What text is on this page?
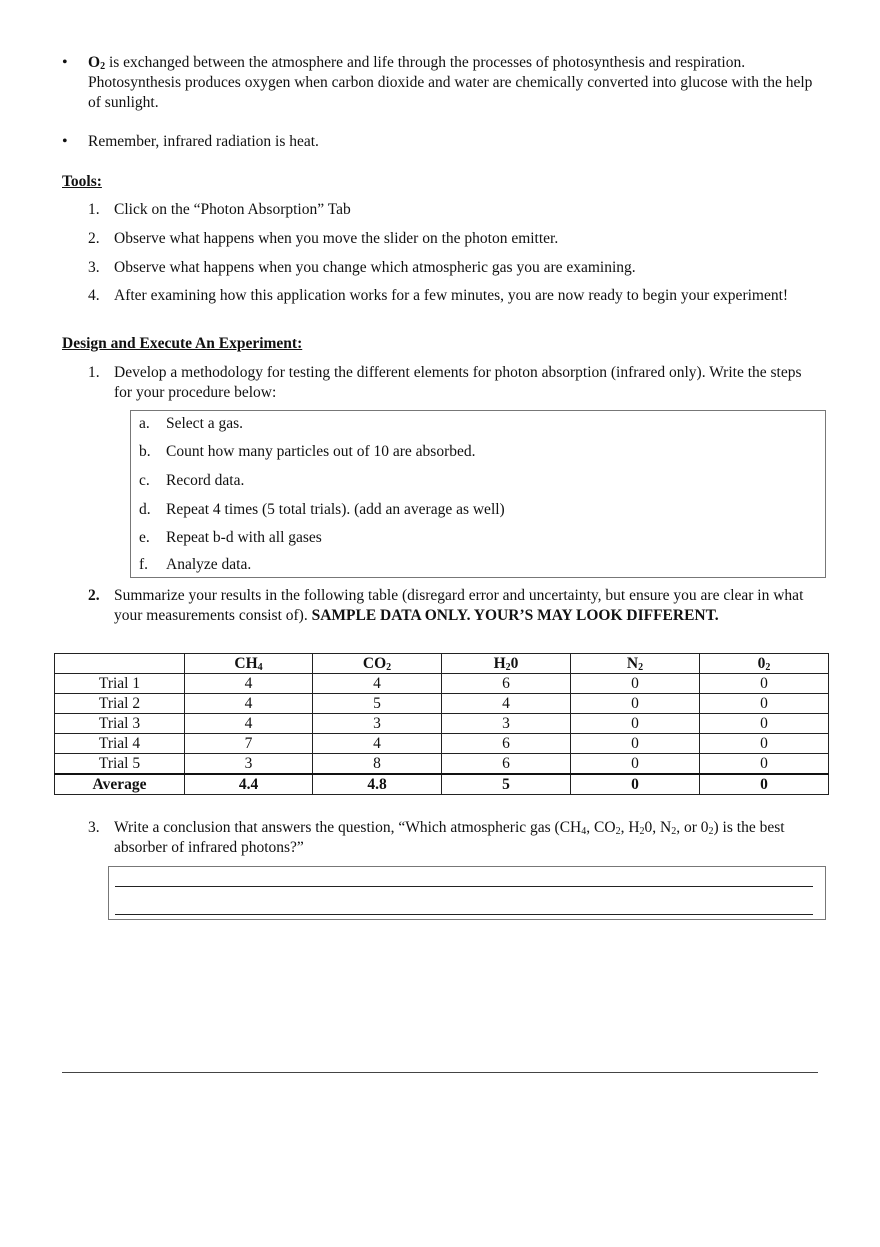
• $O_2$ is exchanged between the atmosphere and life through the processes of photosynthesis and respiration. Photosynthesis produces oxygen when carbon dioxide and water are chemically converted into glucose with the help of sunlight.
• Remember, infrared radiation is heat.
Tools:
1. Click on the “Photon Absorption” Tab
2. Observe what happens when you move the slider on the photon emitter.
3. Observe what happens when you change which atmospheric gas you are examining.
4. After examining how this application works for a few minutes, you are now ready to begin your experiment!
Design and Execute An Experiment:
1. Develop a methodology for testing the different elements for photon absorption (infrared only). Write the steps for your procedure below:
a. Select a gas.
b. Count how many particles out of 10 are absorbed.
c. Record data.
d. Repeat 4 times (5 total trials). (add an average as well)
e. Repeat b-d with all gases
f. Analyze data.
2. Summarize your results in the following table (disregard error and uncertainty, but ensure you are clear in what your measurements consist of). SAMPLE DATA ONLY. YOUR’S MAY LOOK DIFFERENT.
	$CH_4$	$CO_2$	$H_20$	$N_2$	$0_2$
Trial 1	4	4	6	0	0
Trial 2	4	5	4	0	0
Trial 3	4	3	3	0	0
Trial 4	7	4	6	0	0
Trial 5	3	8	6	0	0
Average	4.4	4.8	5	0	0
3. Write a conclusion that answers the question, “Which atmospheric gas ($CH_4$, $CO_2$, $H_20$, $N_2$, or $0_2$) is the best absorber of infrared photons?”
